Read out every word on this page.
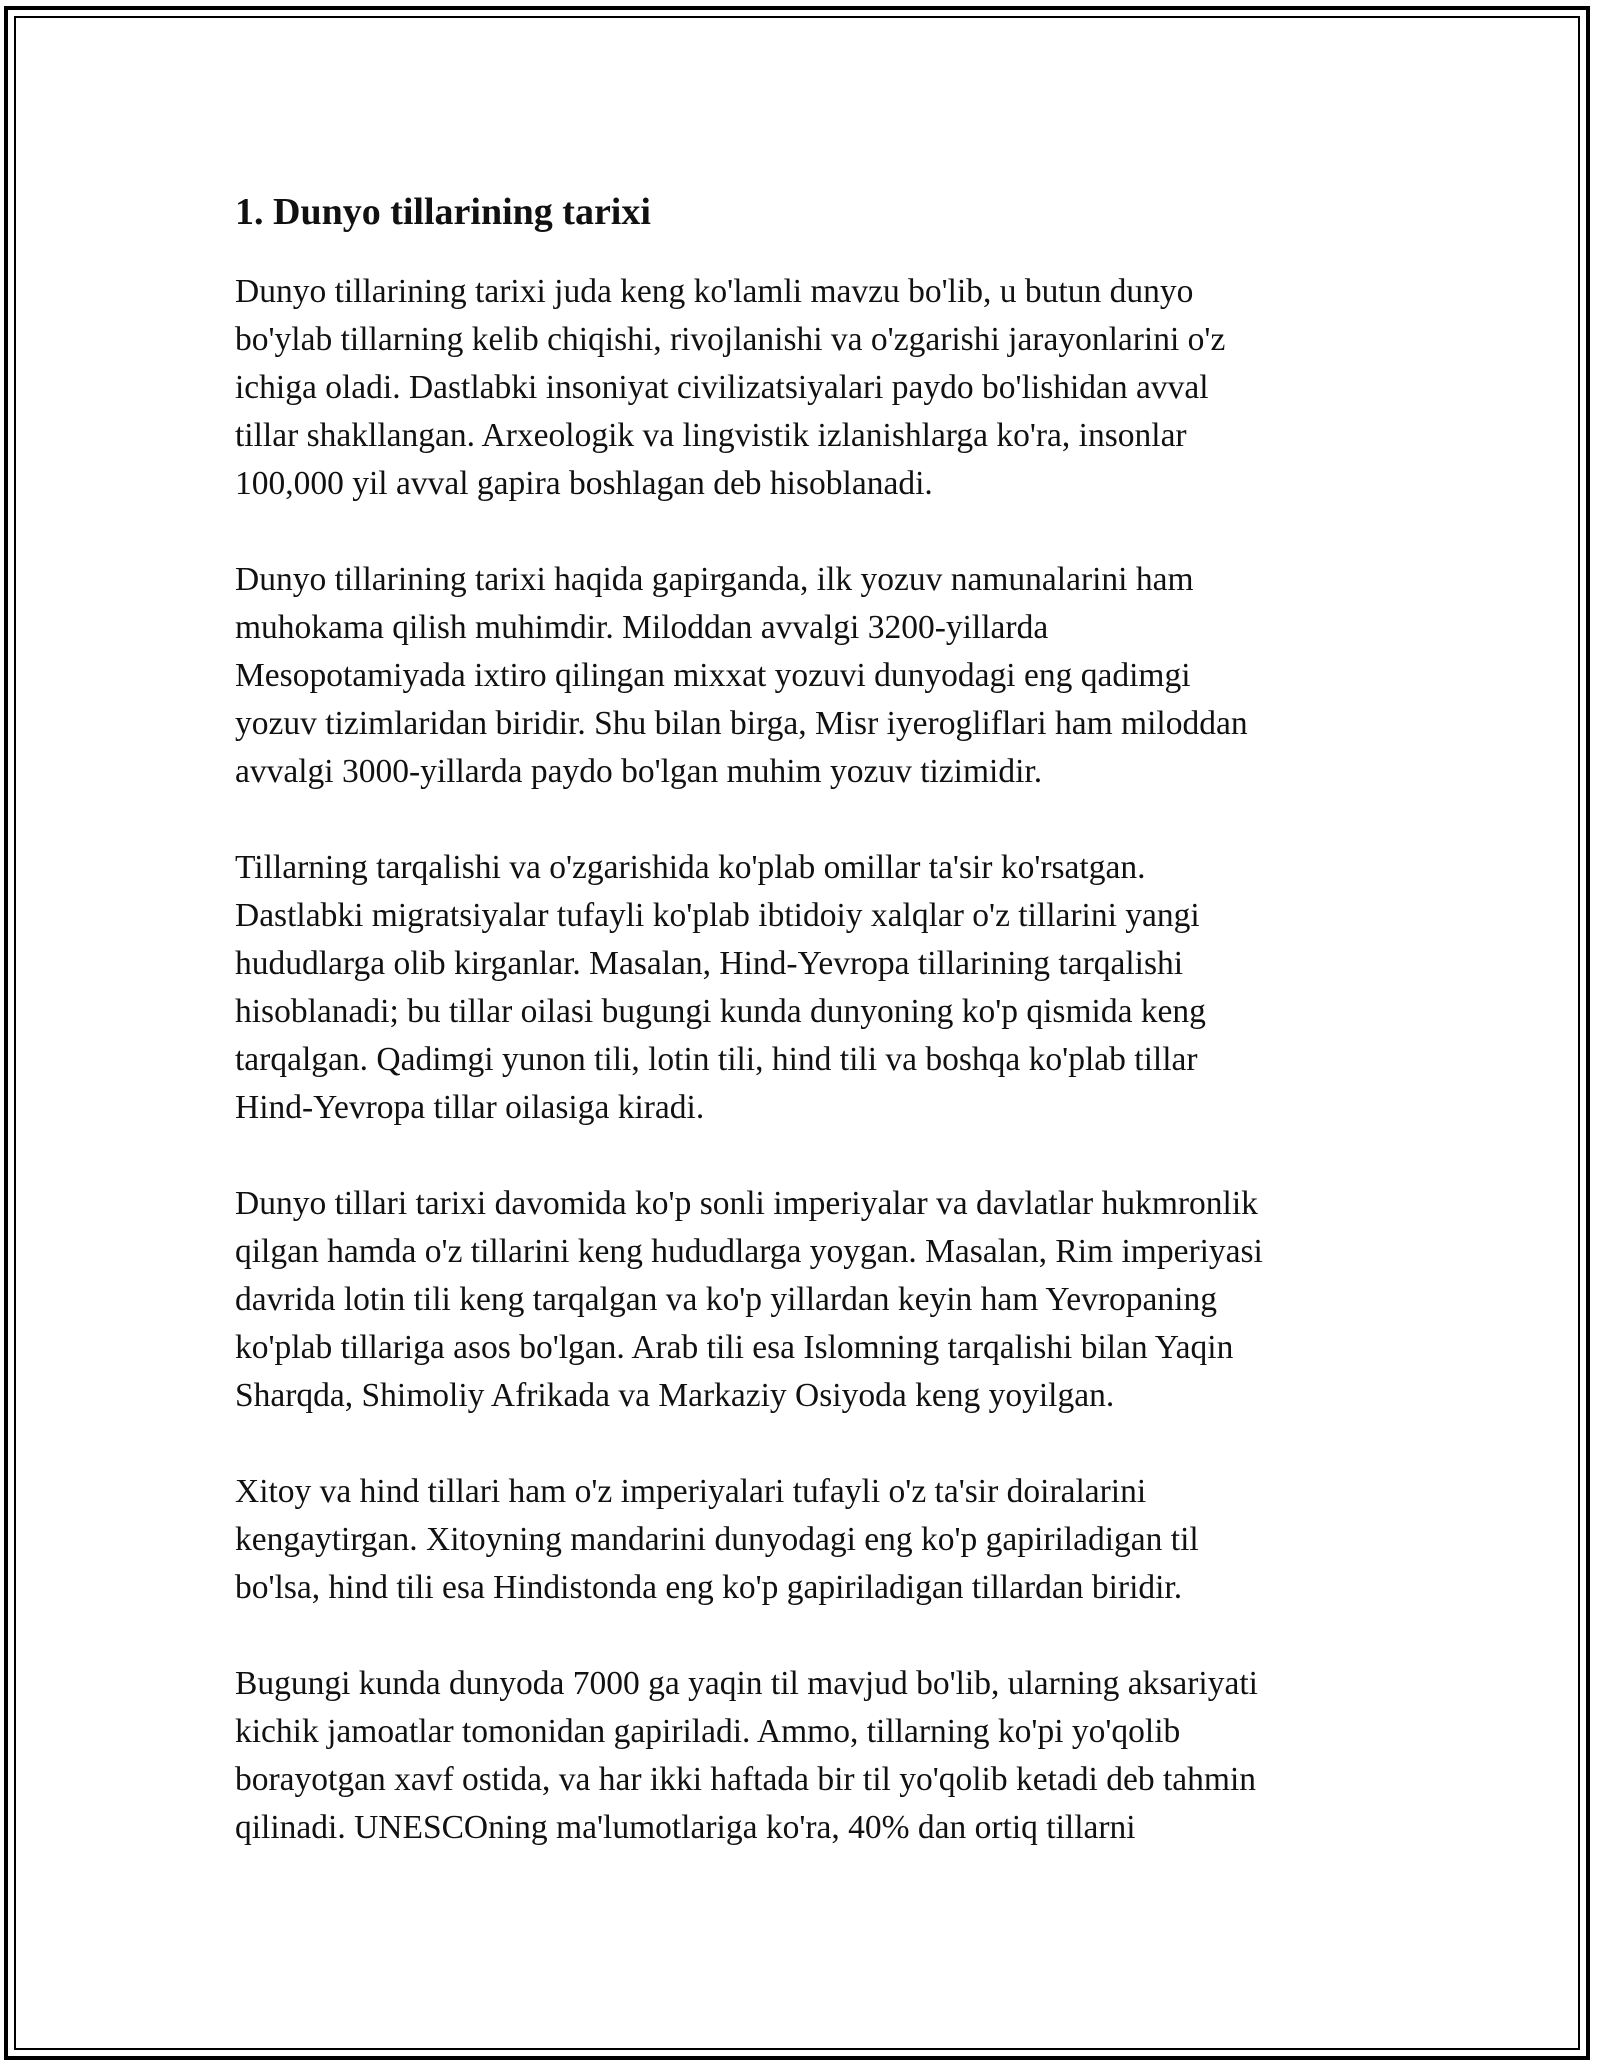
1. Dunyo tillarining tarixi

Dunyo tillarining tarixi juda keng ko'lamli mavzu bo'lib, u butun dunyo
bo'ylab tillarning kelib chiqishi, rivojlanishi va o'zgarishi jarayonlarini o'z
ichiga oladi. Dastlabki insoniyat civilizatsiyalari paydo bo'lishidan avval
tillar shakllangan. Arxeologik va lingvistik izlanishlarga ko'ra, insonlar
100,000 yil avval gapira boshlagan deb hisoblanadi.

Dunyo tillarining tarixi haqida gapirganda, ilk yozuv namunalarini ham
muhokama qilish muhimdir. Miloddan avvalgi 3200-yillarda
Mesopotamiyada ixtiro qilingan mixxat yozuvi dunyodagi eng qadimgi
yozuv tizimlaridan biridir. Shu bilan birga, Misr iyerogliflari ham miloddan
avvalgi 3000-yillarda paydo bo'lgan muhim yozuv tizimidir.

Tillarning tarqalishi va o'zgarishida ko'plab omillar ta'sir ko'rsatgan.
Dastlabki migratsiyalar tufayli ko'plab ibtidoiy xalqlar o'z tillarini yangi
hududlarga olib kirganlar. Masalan, Hind-Yevropa tillarining tarqalishi
hisoblanadi; bu tillar oilasi bugungi kunda dunyoning ko'p qismida keng
tarqalgan. Qadimgi yunon tili, lotin tili, hind tili va boshqa ko'plab tillar
Hind-Yevropa tillar oilasiga kiradi.

Dunyo tillari tarixi davomida ko'p sonli imperiyalar va davlatlar hukmronlik
qilgan hamda o'z tillarini keng hududlarga yoygan. Masalan, Rim imperiyasi
davrida lotin tili keng tarqalgan va ko'p yillardan keyin ham Yevropaning
ko'plab tillariga asos bo'lgan. Arab tili esa Islomning tarqalishi bilan Yaqin
Sharqda, Shimoliy Afrikada va Markaziy Osiyoda keng yoyilgan.

Xitoy va hind tillari ham o'z imperiyalari tufayli o'z ta'sir doiralarini
kengaytirgan. Xitoyning mandarini dunyodagi eng ko'p gapiriladigan til
bo'lsa, hind tili esa Hindistonda eng ko'p gapiriladigan tillardan biridir.

Bugungi kunda dunyoda 7000 ga yaqin til mavjud bo'lib, ularning aksariyati
kichik jamoatlar tomonidan gapiriladi. Ammo, tillarning ko'pi yo'qolib
borayotgan xavf ostida, va har ikki haftada bir til yo'qolib ketadi deb tahmin
qilinadi. UNESCOning ma'lumotlariga ko'ra, 40% dan ortiq tillarni
